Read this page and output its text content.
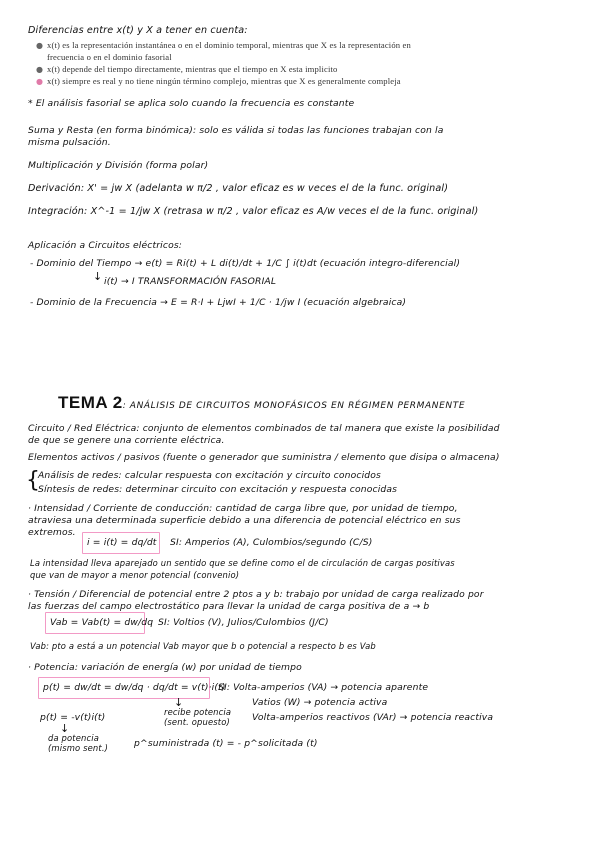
Diferencias entre x(t) y X a tener en cuenta:
● x(t) es la representación instantánea o en el dominio temporal, mientras que X es la representación en
frecuencia o en el dominio fasorial
● x(t) depende del tiempo directamente, mientras que el tiempo en X esta implicito
● x(t) siempre es real y no tiene ningún término complejo, mientras que X es generalmente compleja
* El análisis fasorial se aplica solo cuando la frecuencia es constante
Suma y Resta (en forma binómica): solo es válida si todas las funciones trabajan con la
misma pulsación.
Multiplicación y División (forma polar)
Derivación: X' = jw X (adelanta w π/2 , valor eficaz es w veces el de la func. original)
Integración: X^-1 = 1/jw X (retrasa w π/2 , valor eficaz es A/w veces el de la func. original)
Aplicación a Circuitos eléctricos:
- Dominio del Tiempo → e(t) = Ri(t) + L di(t)/dt + 1/C ∫ i(t)dt (ecuación integro-diferencial)
↓ i(t) → I TRANSFORMACIÓN FASORIAL
- Dominio de la Frecuencia → E = R·I + LjwI + 1/C · 1/jw I (ecuación algebraica)
TEMA 2: ANÁLISIS DE CIRCUITOS MONOFÁSICOS EN RÉGIMEN PERMANENTE
Circuito / Red Eléctrica: conjunto de elementos combinados de tal manera que existe la posibilidad
de que se genere una corriente eléctrica.
Elementos activos / pasivos (fuente o generador que suministra / elemento que disipa o almacena)
{
Análisis de redes: calcular respuesta con excitación y circuito conocidos
Síntesis de redes: determinar circuito con excitación y respuesta conocidas
· Intensidad / Corriente de conducción: cantidad de carga libre que, por unidad de tiempo,
atraviesa una determinada superficie debido a una diferencia de potencial eléctrico en sus
extremos.
i = i(t) = dq/dt SI: Amperios (A), Culombios/segundo (C/S)
La intensidad lleva aparejado un sentido que se define como el de circulación de cargas positivas
que van de mayor a menor potencial (convenio)
· Tensión / Diferencial de potencial entre 2 ptos a y b: trabajo por unidad de carga realizado por
las fuerzas del campo electrostático para llevar la unidad de carga positiva de a → b
Vab = Vab(t) = dw/dq SI: Voltios (V), Julios/Culombios (J/C)
Vab: pto a está a un potencial Vab mayor que b o potencial a respecto b es Vab
· Potencia: variación de energía (w) por unidad de tiempo
p(t) = dw/dt = dw/dq · dq/dt = v(t)·i(t)
SI: Volta-amperios (VA) → potencia aparente
Vatios (W) → potencia activa
Volta-amperios reactivos (VAr) → potencia reactiva
↓
recibe potencia
(sent. opuesto)
p(t) = -v(t)i(t)
↓
da potencia
(mismo sent.)	p^suministrada (t) = - p^solicitada (t)
